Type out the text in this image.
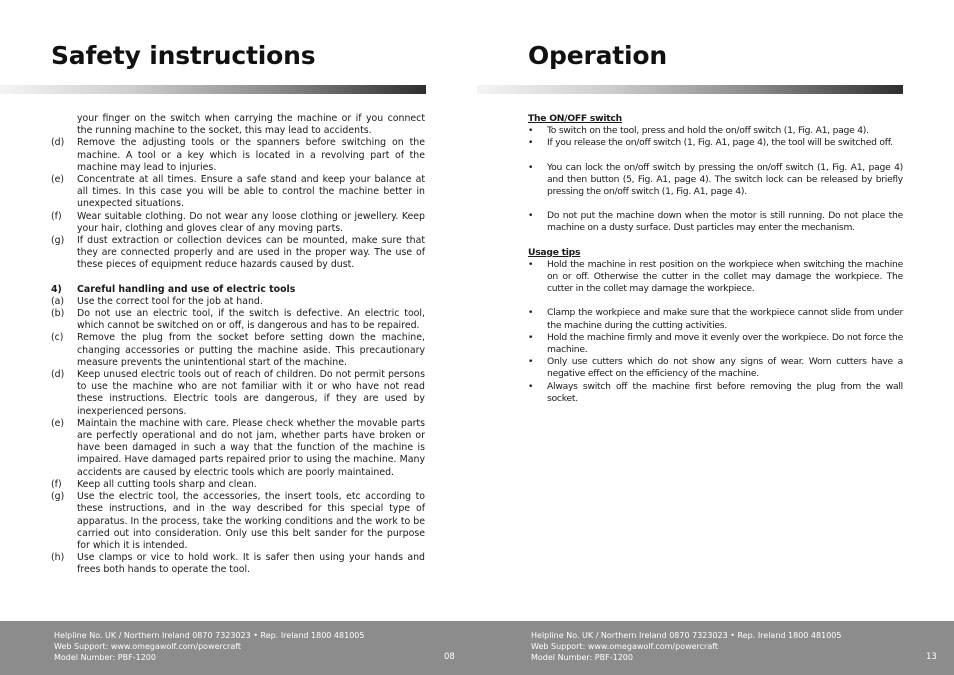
Safety instructions
your finger on the switch when carrying the machine or if you connect the running machine to the socket, this may lead to accidents.
(d)	Remove the adjusting tools or the spanners before switching on the machine. A tool or a key which is located in a revolving part of the machine may lead to injuries.
(e)	Concentrate at all times. Ensure a safe stand and keep your balance at all times. In this case you will be able to control the machine better in unexpected situations.
(f)	Wear suitable clothing. Do not wear any loose clothing or jewellery. Keep your hair, clothing and gloves clear of any moving parts.
(g)	If dust extraction or collection devices can be mounted, make sure that they are connected properly and are used in the proper way. The use of these pieces of equipment reduce hazards caused by dust.
4)	Careful handling and use of electric tools
(a)	Use the correct tool for the job at hand.
(b)	Do not use an electric tool, if the switch is defective. An electric tool, which cannot be switched on or off, is dangerous and has to be repaired.
(c)	Remove the plug from the socket before setting down the machine, changing accessories or putting the machine aside. This precautionary measure prevents the unintentional start of the machine.
(d)	Keep unused electric tools out of reach of children. Do not permit persons to use the machine who are not familiar with it or who have not read these instructions. Electric tools are dangerous, if they are used by inexperienced persons.
(e)	Maintain the machine with care. Please check whether the movable parts are perfectly operational and do not jam, whether parts have broken or have been damaged in such a way that the function of the machine is impaired. Have damaged parts repaired prior to using the machine. Many accidents are caused by electric tools which are poorly maintained.
(f)	Keep all cutting tools sharp and clean.
(g)	Use the electric tool, the accessories, the insert tools, etc according to these instructions, and in the way described for this special type of apparatus. In the process, take the working conditions and the work to be carried out into consideration. Only use this belt sander for the purpose for which it is intended.
(h)	Use clamps or vice to hold work. It is safer then using your hands and frees both hands to operate the tool.
Operation
The ON/OFF switch
•	To switch on the tool, press and hold the on/off switch (1, Fig. A1, page 4).
•	If you release the on/off switch (1, Fig. A1, page 4), the tool will be switched off.
•	You can lock the on/off switch by pressing the on/off switch (1, Fig. A1, page 4) and then button (5, Fig. A1, page 4). The switch lock can be released by briefly pressing the on/off switch (1, Fig. A1, page 4).
•	Do not put the machine down when the motor is still running. Do not place the machine on a dusty surface. Dust particles may enter the mechanism.
Usage tips
•	Hold the machine in rest position on the workpiece when switching the machine on or off. Otherwise the cutter in the collet may damage the workpiece. The cutter in the collet may damage the workpiece.
•	Clamp the workpiece and make sure that the workpiece cannot slide from under the machine during the cutting activities.
•	Hold the machine firmly and move it evenly over the workpiece. Do not force the machine.
•	Only use cutters which do not show any signs of wear. Worn cutters have a negative effect on the efficiency of the machine.
•	Always switch off the machine first before removing the plug from the wall socket.
Helpline No. UK / Northern Ireland 0870 7323023 • Rep. Ireland 1800 481005
Web Support: www.omegawolf.com/powercraft
Model Number: PBF-1200	08
Helpline No. UK / Northern Ireland 0870 7323023 • Rep. Ireland 1800 481005
Web Support: www.omegawolf.com/powercraft
Model Number: PBF-1200	13
